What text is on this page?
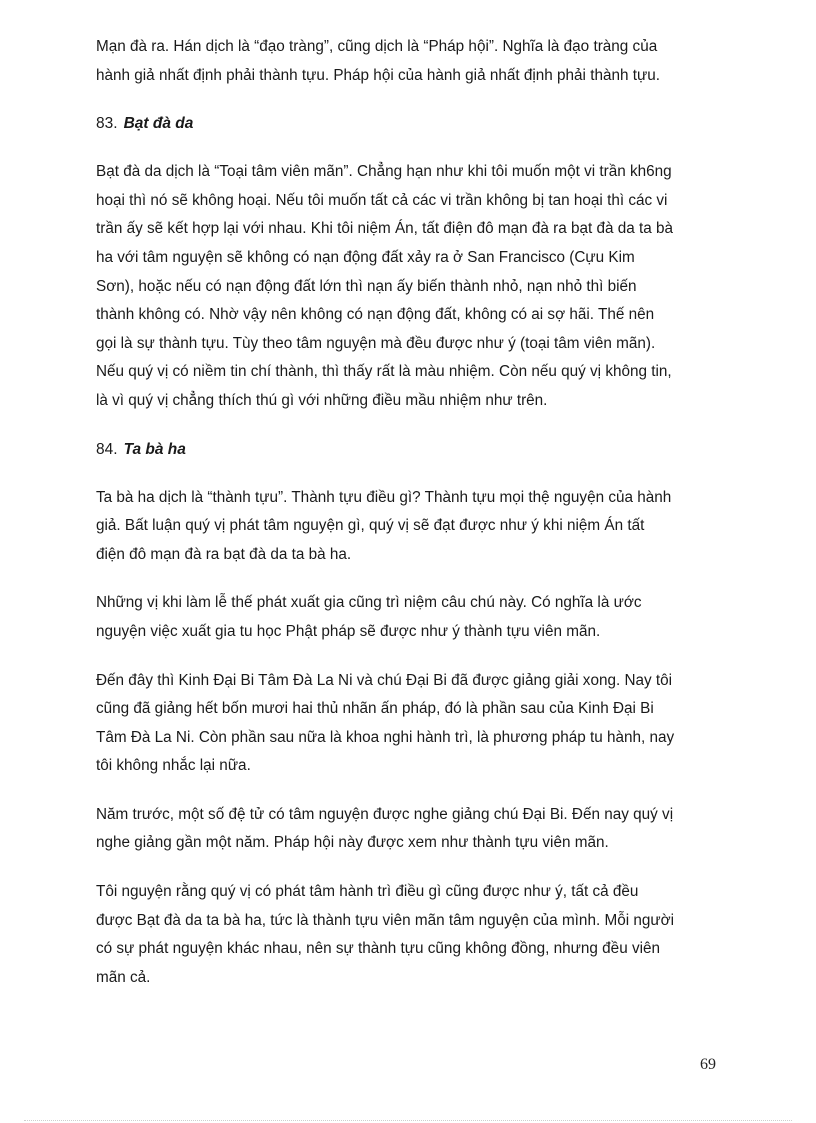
Mạn đà ra. Hán dịch là “đạo tràng”, cũng dịch là “Pháp hội”. Nghĩa là đạo tràng của
hành giả nhất định phải thành tựu. Pháp hội của hành giả nhất định phải thành tựu.

83. Bạt đà da

Bạt đà da dịch là “Toại tâm viên mãn”. Chẳng hạn như khi tôi muốn một vi trần kh6ng
hoại thì nó sẽ không hoại. Nếu tôi muốn tất cả các vi trần không bị tan hoại thì các vi
trần ấy sẽ kết hợp lại với nhau. Khi tôi niệm Án, tất điện đô mạn đà ra bạt đà da ta bà
ha với tâm nguyện sẽ không có nạn động đất xảy ra ở San Francisco (Cựu Kim
Sơn), hoặc nếu có nạn động đất lớn thì nạn ấy biến thành nhỏ, nạn nhỏ thì biến
thành không có. Nhờ vậy nên không có nạn động đất, không có ai sợ hãi. Thế nên
gọi là sự thành tựu. Tùy theo tâm nguyện mà đều được như ý (toại tâm viên mãn).
Nếu quý vị có niềm tin chí thành, thì thấy rất là màu nhiệm. Còn nếu quý vị không tin,
là vì quý vị chẳng thích thú gì với những điều mầu nhiệm như trên.

84. Ta bà ha

Ta bà ha dịch là “thành tựu”. Thành tựu điều gì? Thành tựu mọi thệ nguyện của hành
giả. Bất luận quý vị phát tâm nguyện gì, quý vị sẽ đạt được như ý khi niệm Án tất
điện đô mạn đà ra bạt đà da ta bà ha.

Những vị khi làm lễ thế phát xuất gia cũng trì niệm câu chú này. Có nghĩa là ước
nguyện việc xuất gia tu học Phật pháp sẽ được như ý thành tựu viên mãn.

Đến đây thì Kinh Đại Bi Tâm Đà La Ni và chú Đại Bi đã được giảng giải xong. Nay tôi
cũng đã giảng hết bốn mươi hai thủ nhãn ấn pháp, đó là phần sau của Kinh Đại Bi
Tâm Đà La Ni. Còn phần sau nữa là khoa nghi hành trì, là phương pháp tu hành, nay
tôi không nhắc lại nữa.

Năm trước, một số đệ tử có tâm nguyện được nghe giảng chú Đại Bi. Đến nay quý vị
nghe giảng gần một năm. Pháp hội này được xem như thành tựu viên mãn.

Tôi nguyện rằng quý vị có phát tâm hành trì điều gì cũng được như ý, tất cả đều
được Bạt đà da ta bà ha, tức là thành tựu viên mãn tâm nguyện của mình. Mỗi người
có sự phát nguyện khác nhau, nên sự thành tựu cũng không đồng, nhưng đều viên
mãn cả.

69
